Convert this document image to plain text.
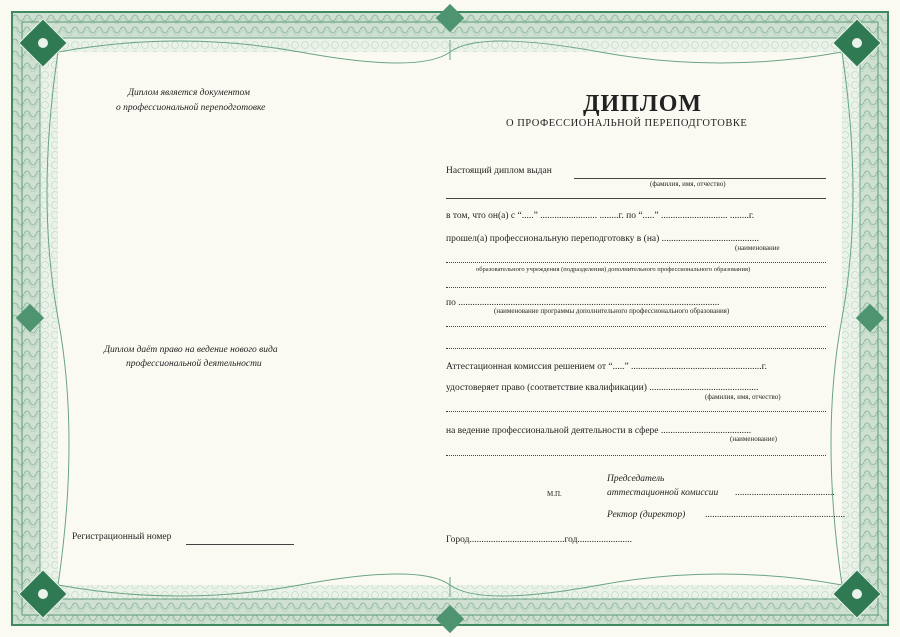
Диплом является документом
о профессиональной переподготовке
Диплом даёт право на ведение нового вида
профессиональной деятельности
Регистрационный номер
ДИПЛОМ
О ПРОФЕССИОНАЛЬНОЙ ПЕРЕПОДГОТОВКЕ
Настоящий диплом выдан
(фамилия, имя, отчество)
в том, что он(а) с “.....” ........................ ........г. по “.....” ............................ ........г.
прошел(а) профессиональную переподготовку в (на) .........................................
(наименование
образовательного учреждения (подразделения) дополнительного профессионального образования)
по ..............................................................................................................
(наименование программы дополнительного профессионального образования)
Аттестационная комиссия решением от “.....” .......................................................г.
удостоверяет право (соответствие квалификации) ..............................................
(фамилия, имя, отчество)
на ведение профессиональной деятельности в сфере ......................................
(наименование)
М.П.
Председатель
аттестационной комиссии ..........................................
Ректор (директор) ...........................................................
Город........................................год.......................
